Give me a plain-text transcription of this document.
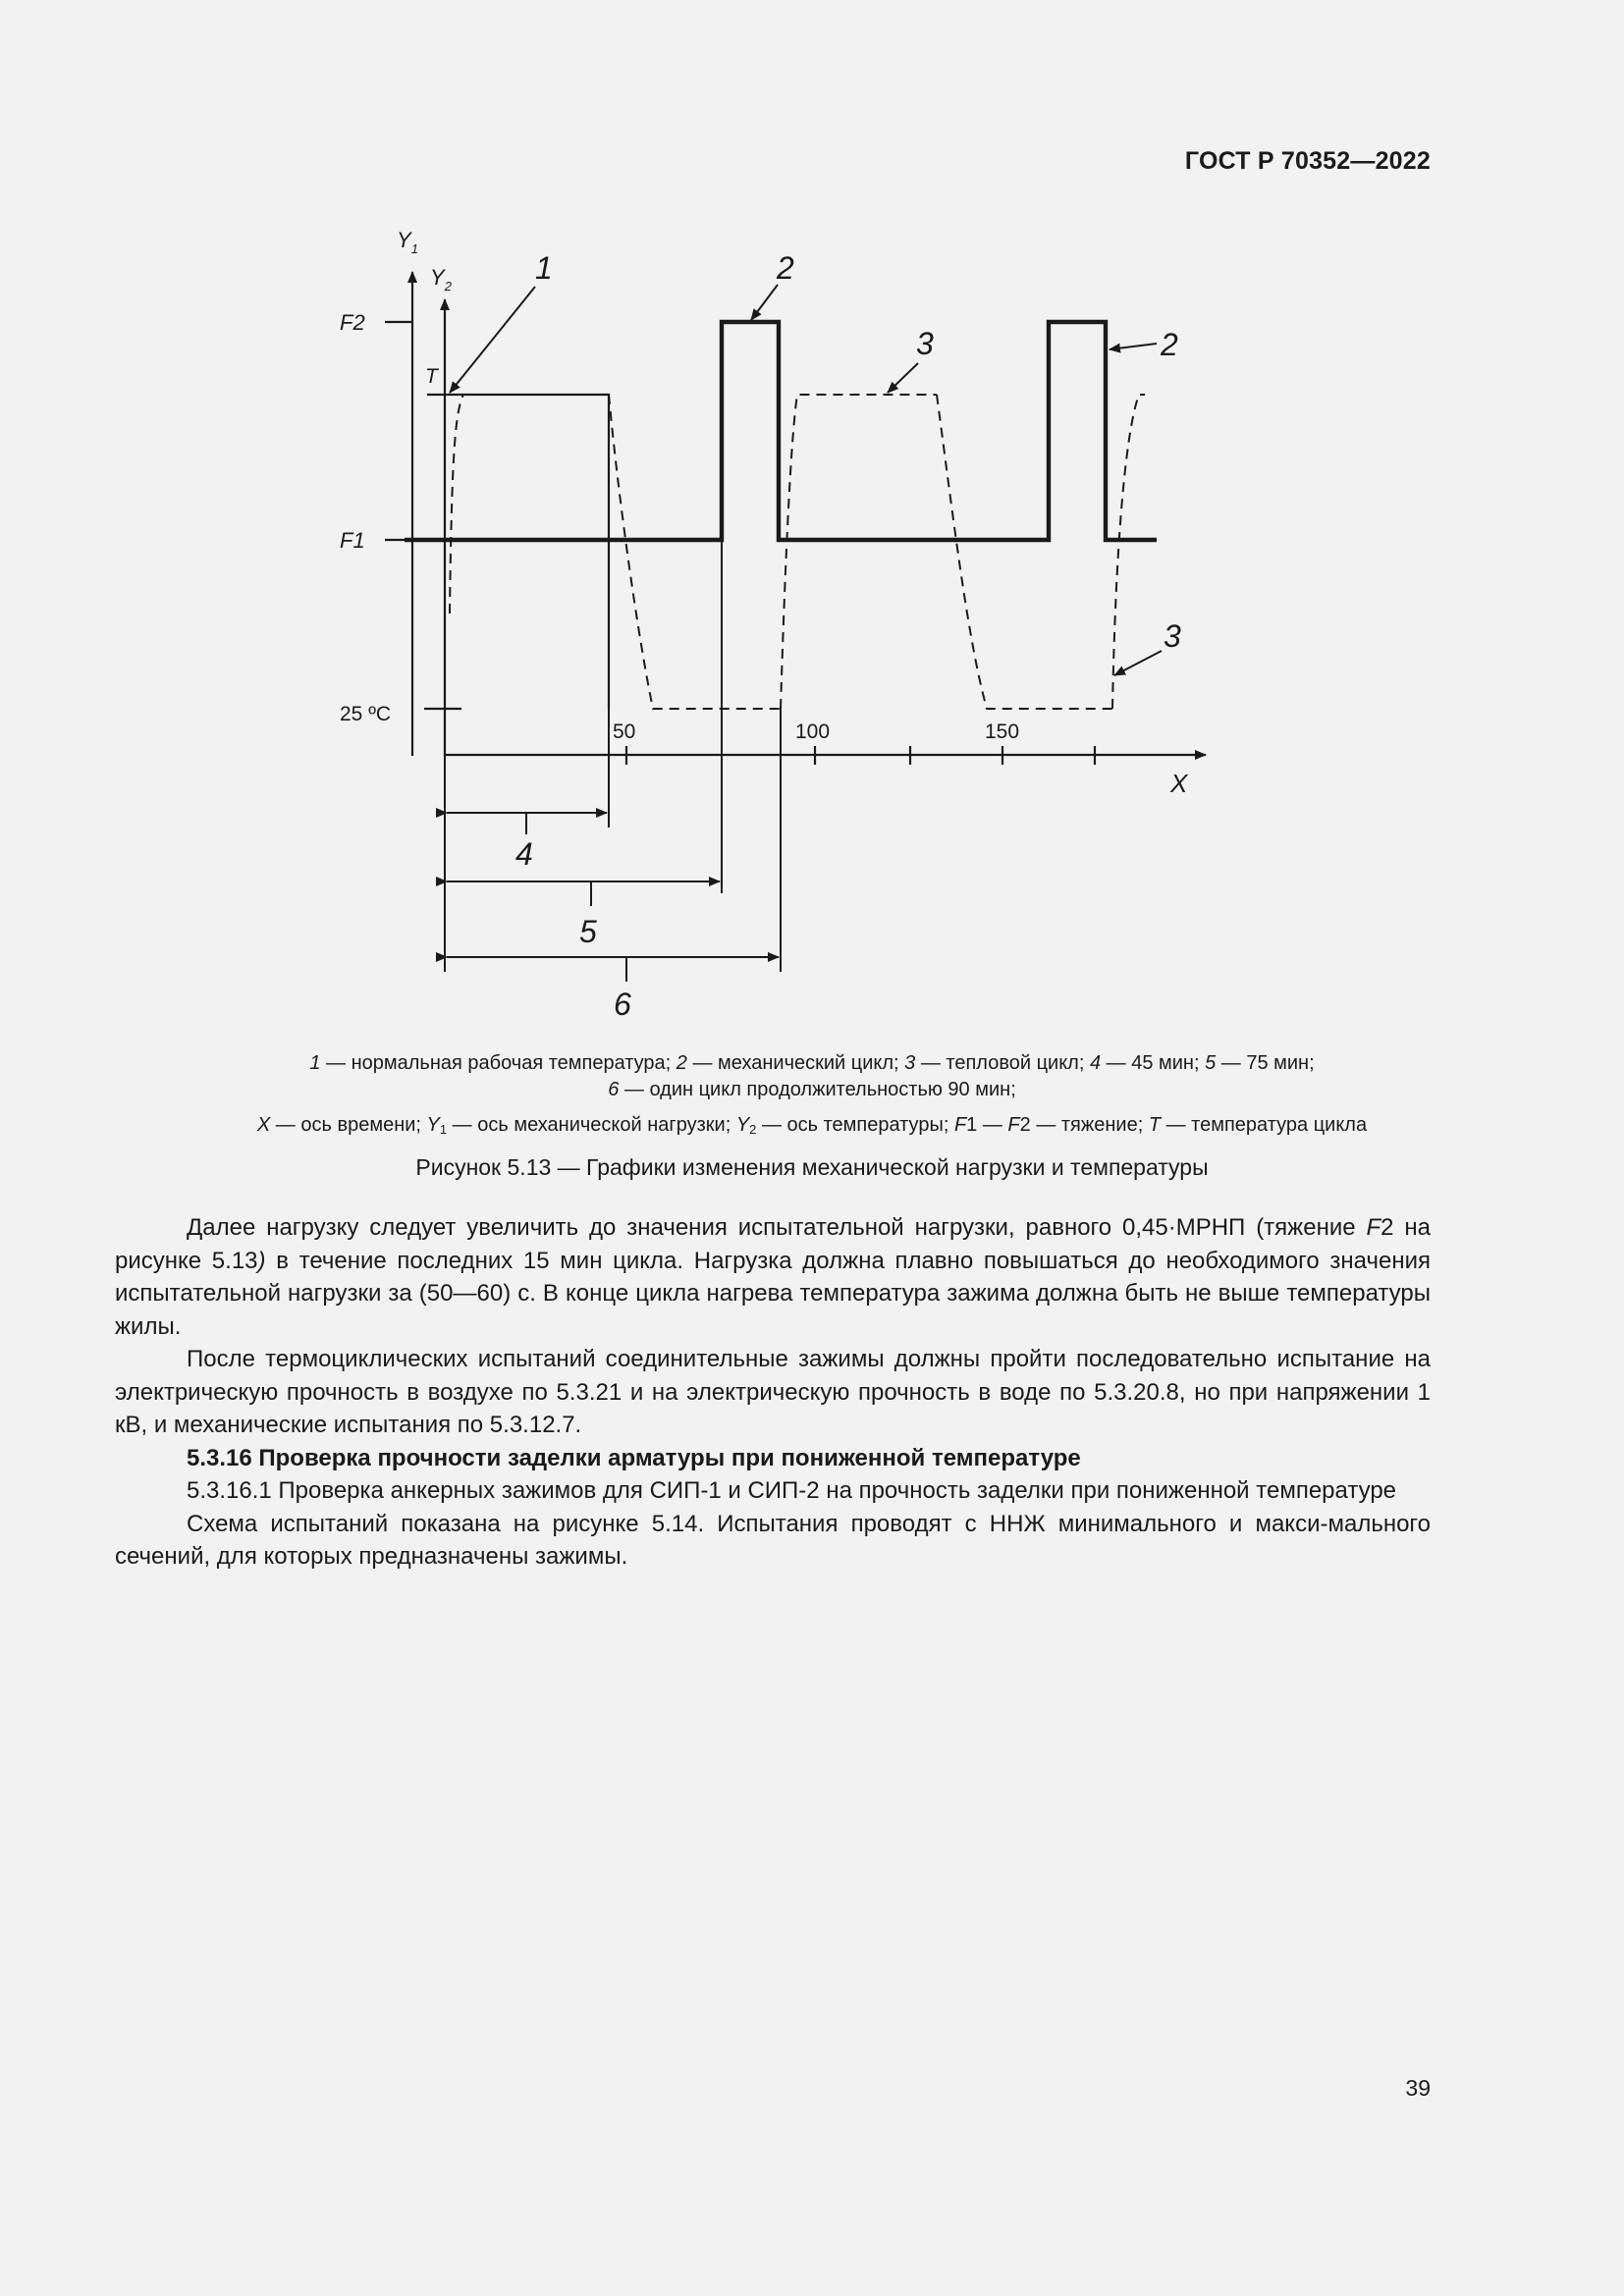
ГОСТ Р 70352—2022
50	100	150
$Y_1$
$Y_2$
X
F2
F1
T
25 ºC
1	2
2
3
3
4
5
6
1 — нормальная рабочая температура; 2 — механический цикл; 3 — тепловой цикл; 4 — 45 мин; 5 — 75 мин;
6 — один цикл продолжительностью 90 мин;
X — ось времени; $Y_1$ — ось механической нагрузки; $Y_2$ — ось температуры; F1 — F2 — тяжение; T — температура цикла
Рисунок 5.13 — Графики изменения механической нагрузки и температуры

Далее нагрузку следует увеличить до значения испытательной нагрузки, равного 0,45·МРНП (тяжение F2 на рисунке 5.13) в течение последних 15 мин цикла. Нагрузка должна плавно повышаться до необходимого значения испытательной нагрузки за (50—60) с. В конце цикла нагрева температура зажима должна быть не выше температуры жилы.

После термоциклических испытаний соединительные зажимы должны пройти последовательно испытание на электрическую прочность в воздухе по 5.3.21 и на электрическую прочность в воде по 5.3.20.8, но при напряжении 1 кВ, и механические испытания по 5.3.12.7.

5.3.16 Проверка прочности заделки арматуры при пониженной температуре

5.3.16.1 Проверка анкерных зажимов для СИП-1 и СИП-2 на прочность заделки при пониженной температуре

Схема испытаний показана на рисунке 5.14. Испытания проводят с ННЖ минимального и макси-мального сечений, для которых предназначены зажимы.

39
